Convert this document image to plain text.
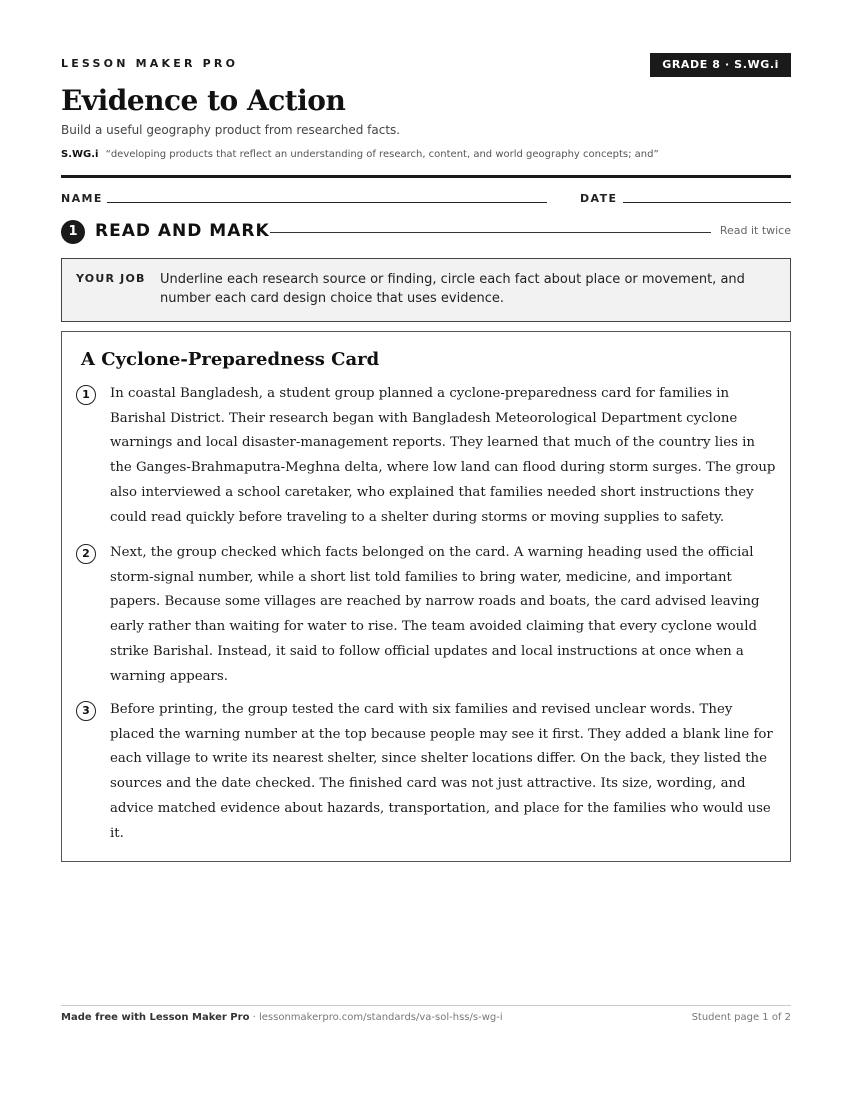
LESSON MAKER PRO	GRADE 8 · S.WG.i
Evidence to Action
Build a useful geography product from researched facts.
S.WG.i “developing products that reflect an understanding of research, content, and world geography concepts; and”
NAME	DATE
1	READ AND MARK	Read it twice
YOUR JOB Underline each research source or finding, circle each fact about place or movement, and number each card design choice that uses evidence.
A Cyclone-Preparedness Card
1	In coastal Bangladesh, a student group planned a cyclone-preparedness card for families in Barishal District. Their research began with Bangladesh Meteorological Department cyclone warnings and local disaster-management reports. They learned that much of the country lies in the Ganges-Brahmaputra-Meghna delta, where low land can flood during storm surges. The group also interviewed a school caretaker, who explained that families needed short instructions they could read quickly before traveling to a shelter during storms or moving supplies to safety.

2	Next, the group checked which facts belonged on the card. A warning heading used the official storm-signal number, while a short list told families to bring water, medicine, and important papers. Because some villages are reached by narrow roads and boats, the card advised leaving early rather than waiting for water to rise. The team avoided claiming that every cyclone would strike Barishal. Instead, it said to follow official updates and local instructions at once when a warning appears.

3	Before printing, the group tested the card with six families and revised unclear words. They placed the warning number at the top because people may see it first. They added a blank line for each village to write its nearest shelter, since shelter locations differ. On the back, they listed the sources and the date checked. The finished card was not just attractive. Its size, wording, and advice matched evidence about hazards, transportation, and place for the families who would use it.

Made free with Lesson Maker Pro · lessonmakerpro.com/standards/va-sol-hss/s-wg-i	Student page 1 of 2
